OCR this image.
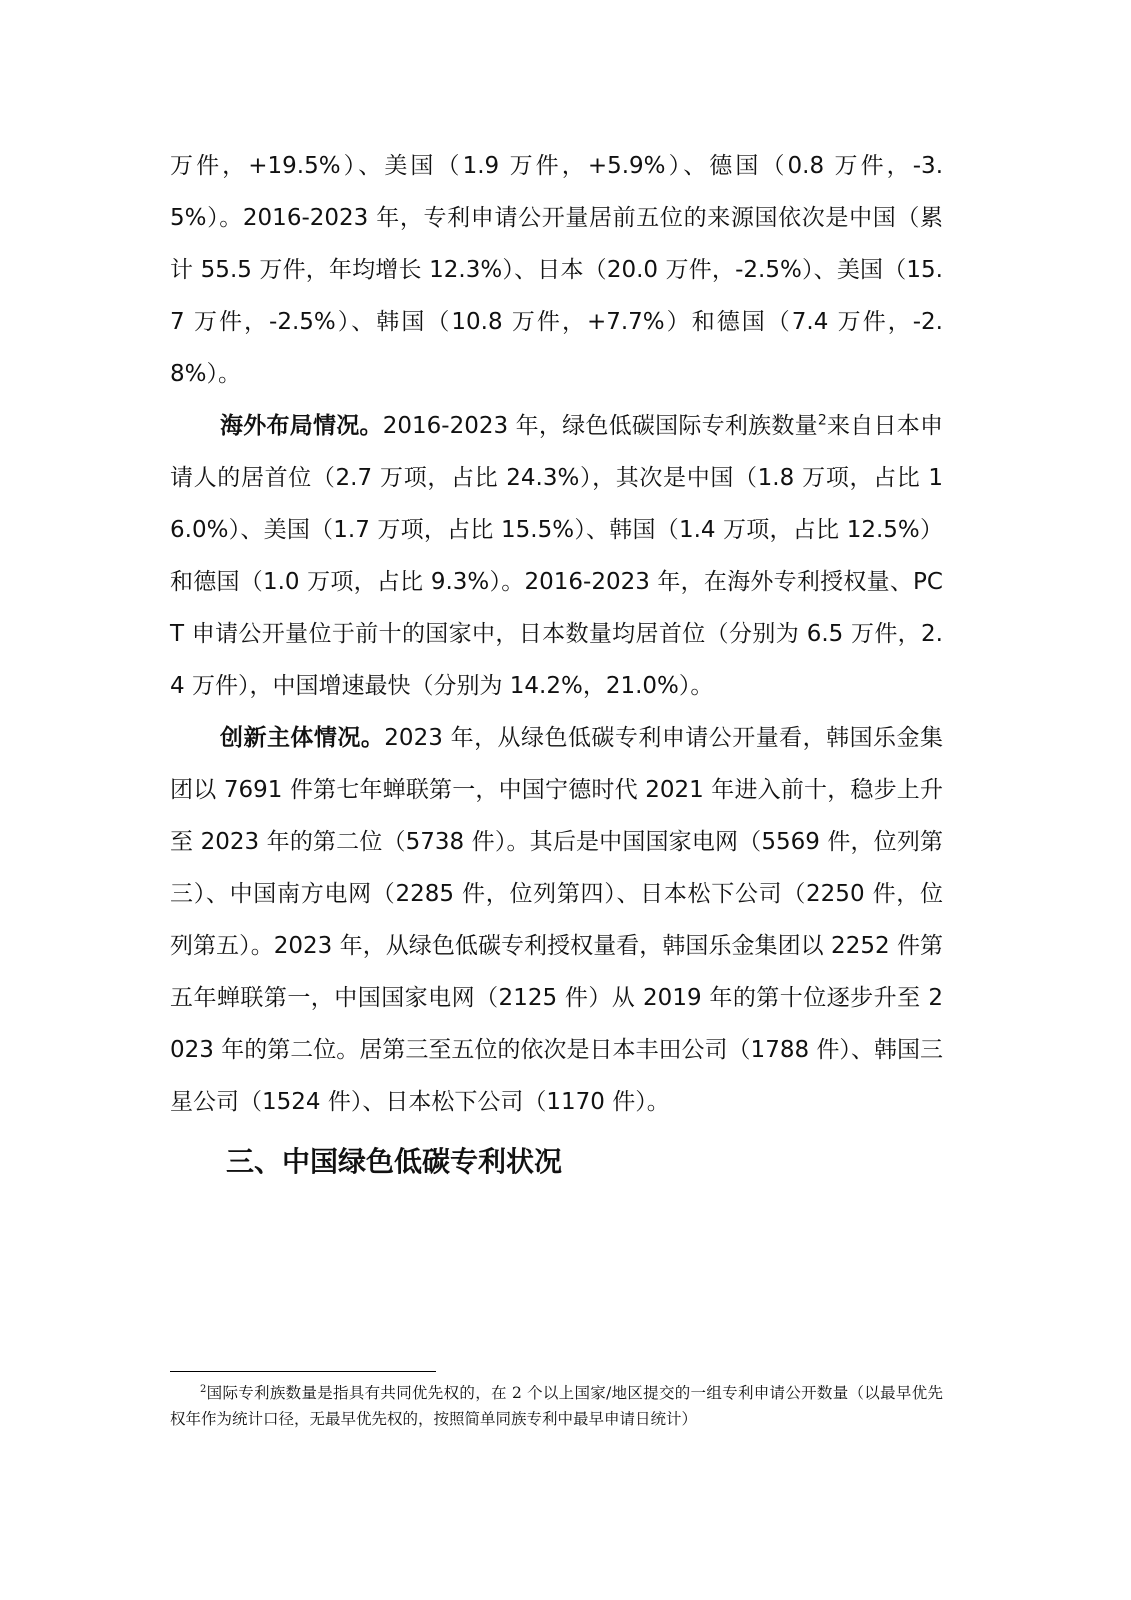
万件，+19.5%）、美国（1.9 万件，+5.9%）、德国（0.8 万件，-3.5%）。2016-2023 年，专利申请公开量居前五位的来源国依次是中国（累计 55.5 万件，年均增长 12.3%）、日本（20.0 万件，-2.5%）、美国（15.7 万件，-2.5%）、韩国（10.8 万件，+7.7%）和德国（7.4 万件，-2.8%）。

海外布局情况。2016-2023 年，绿色低碳国际专利族数量$^2$来自日本申请人的居首位（2.7 万项，占比 24.3%），其次是中国（1.8 万项，占比 16.0%）、美国（1.7 万项，占比 15.5%）、韩国（1.4 万项，占比 12.5%）和德国（1.0 万项，占比 9.3%）。2016-2023 年，在海外专利授权量、PCT 申请公开量位于前十的国家中，日本数量均居首位（分别为 6.5 万件，2.4 万件），中国增速最快（分别为 14.2%，21.0%）。

创新主体情况。2023 年，从绿色低碳专利申请公开量看，韩国乐金集团以 7691 件第七年蝉联第一，中国宁德时代 2021 年进入前十，稳步上升至 2023 年的第二位（5738 件）。其后是中国国家电网（5569 件，位列第三）、中国南方电网（2285 件，位列第四）、日本松下公司（2250 件，位列第五）。2023 年，从绿色低碳专利授权量看，韩国乐金集团以 2252 件第五年蝉联第一，中国国家电网（2125 件）从 2019 年的第十位逐步升至 2023 年的第二位。居第三至五位的依次是日本丰田公司（1788 件）、韩国三星公司（1524 件）、日本松下公司（1170 件）。

三、中国绿色低碳专利状况

$^2$国际专利族数量是指具有共同优先权的，在 2 个以上国家/地区提交的一组专利申请公开数量（以最早优先权年作为统计口径，无最早优先权的，按照简单同族专利中最早申请日统计）
